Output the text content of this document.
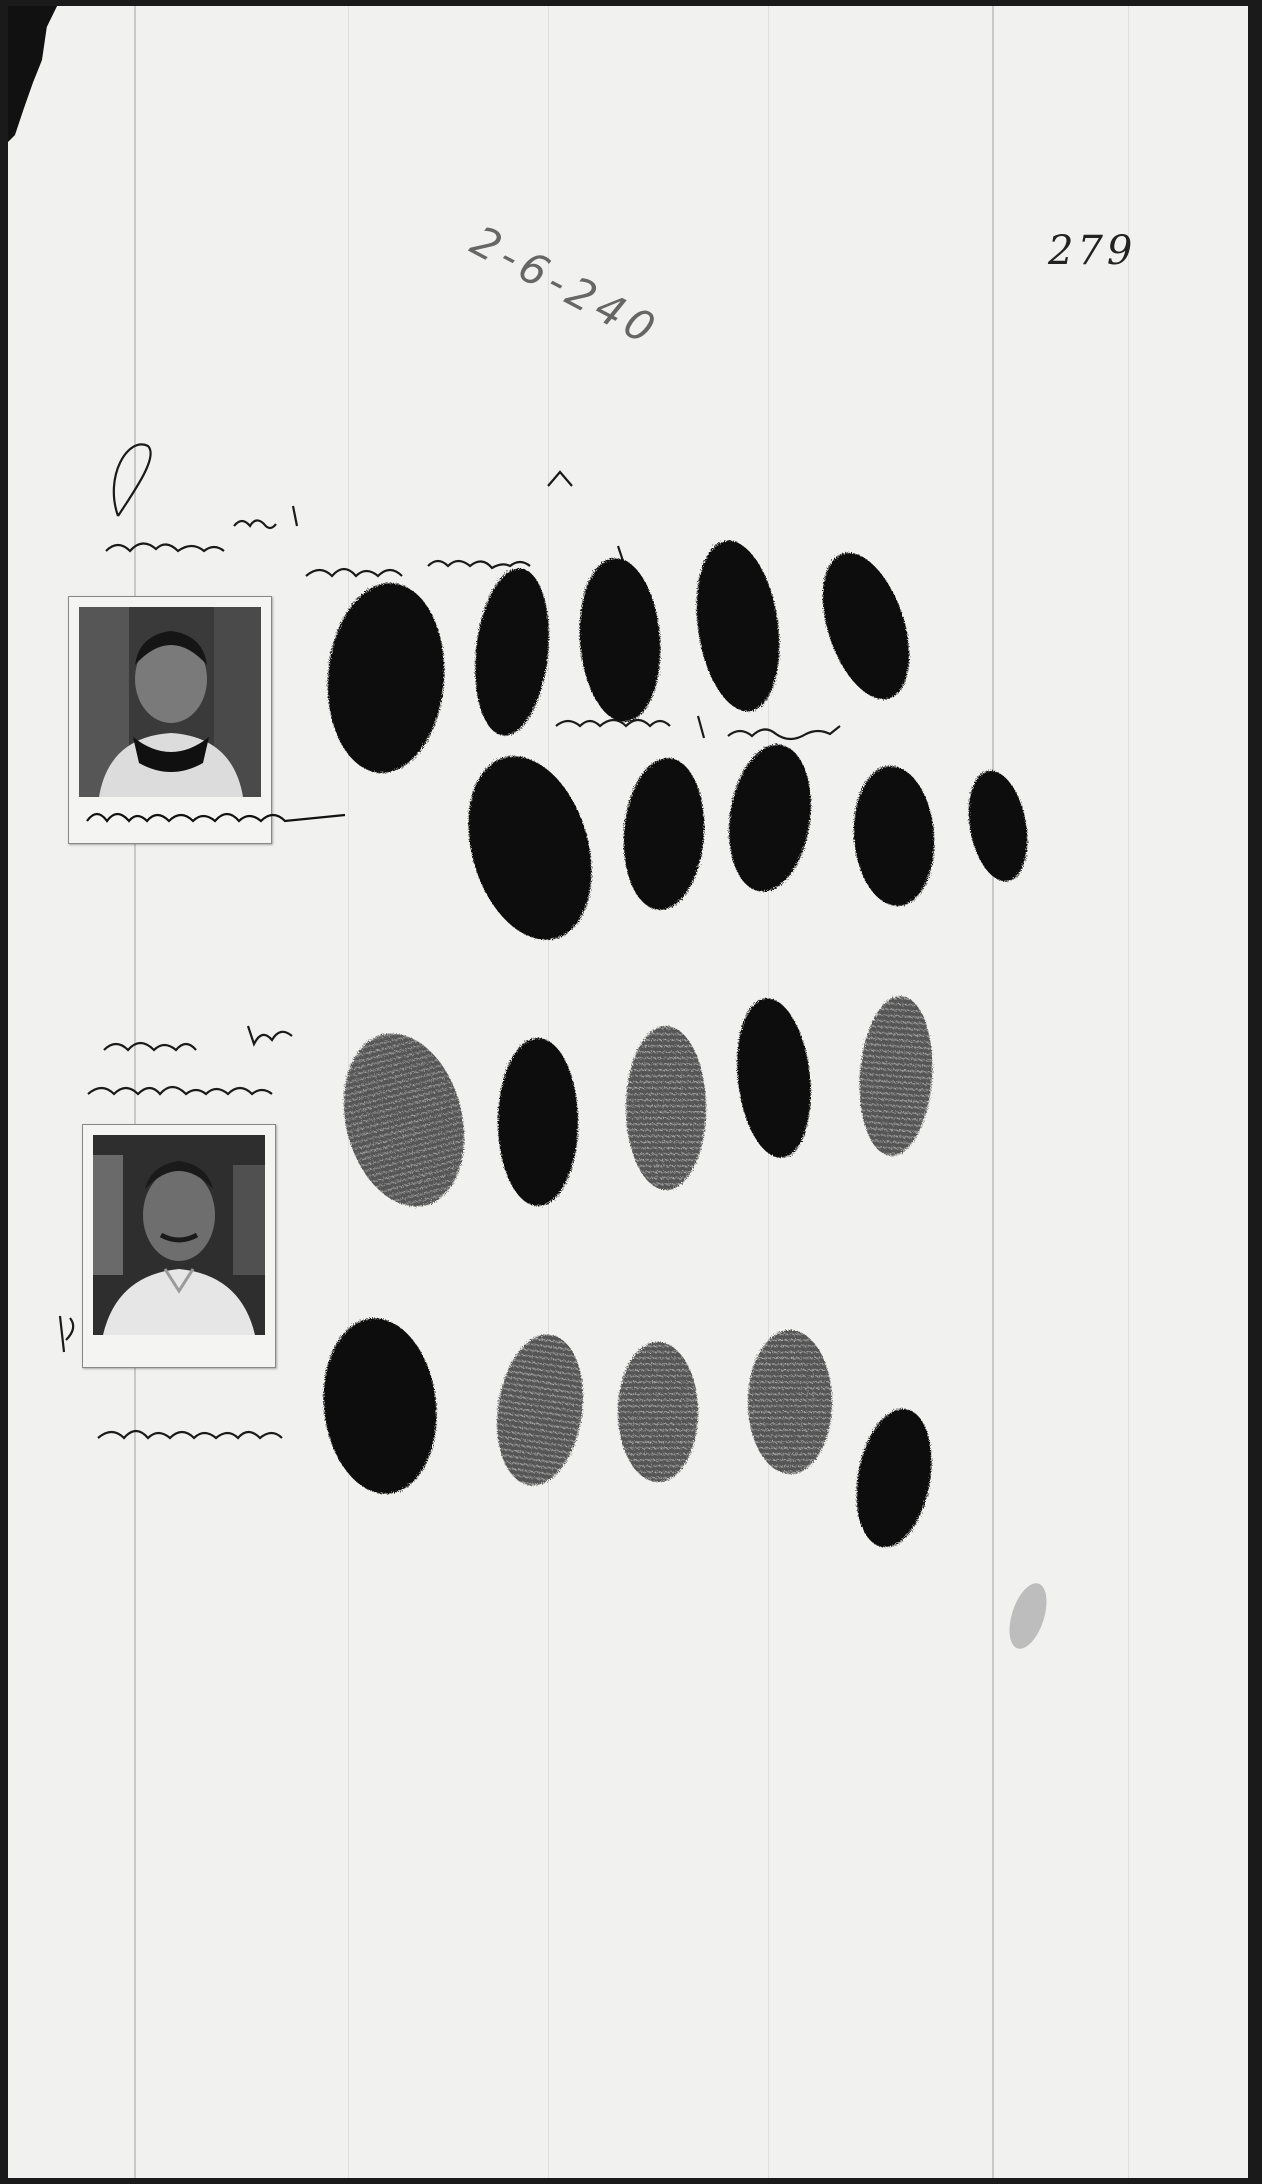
279
2-6-240
